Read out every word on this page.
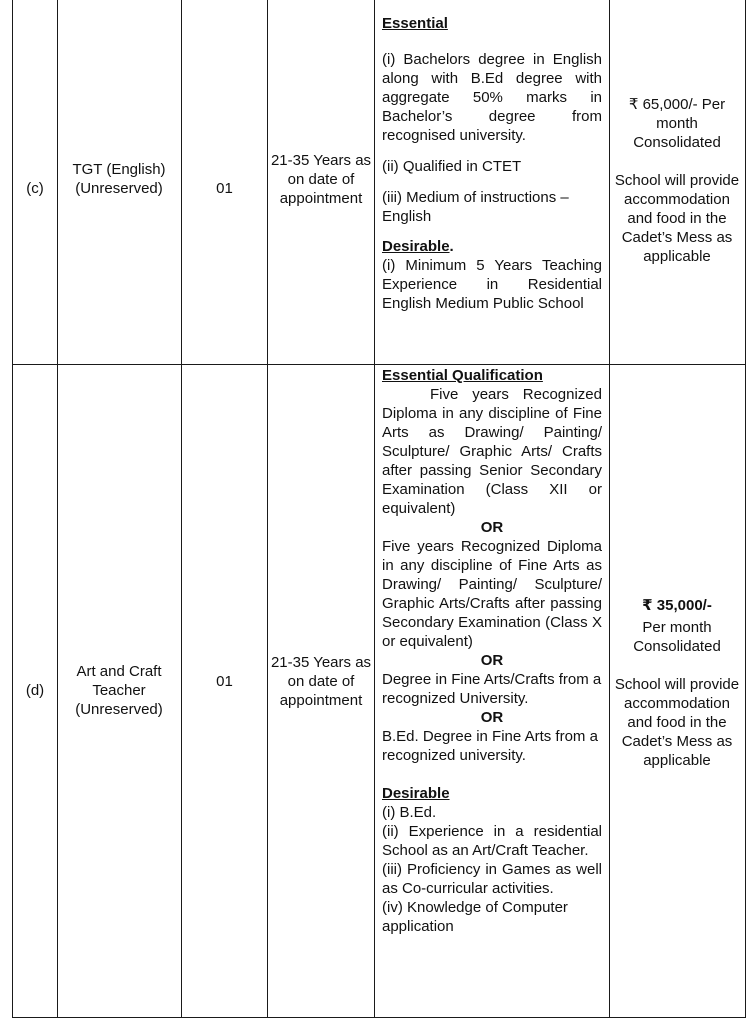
(c)
TGT (English) (Unreserved)	01
21-35 Years as on date of appointment

Essential

(i) Bachelors degree in English along with B.Ed degree with aggregate 50% marks in Bachelor’s degree from recognised university.

(ii) Qualified in CTET

(iii) Medium of instructions – English

Desirable.

(i) Minimum 5 Years Teaching Experience in Residential English Medium Public School

₹ 65,000/- Per month Consolidated
School will provide accommodation and food in the Cadet’s Mess as applicable
(d)
Art and Craft Teacher (Unreserved)
01
21-35 Years as on date of appointment

Essential Qualification

Five years Recognized Diploma in any discipline of Fine Arts as Drawing/ Painting/ Sculpture/ Graphic Arts/ Crafts after passing Senior Secondary Examination (Class XII or equivalent)

OR

Five years Recognized Diploma in any discipline of Fine Arts as Drawing/ Painting/ Sculpture/ Graphic Arts/Crafts after passing Secondary Examination (Class X or equivalent)

OR

Degree in Fine Arts/Crafts from a recognized University.

OR

B.Ed. Degree in Fine Arts from a recognized university.

Desirable

(i) B.Ed.

(ii) Experience in a residential School as an Art/Craft Teacher.

(iii) Proficiency in Games as well as Co-curricular activities.

(iv) Knowledge of Computer application

₹ 35,000/-
Per month Consolidated
School will provide accommodation and food in the Cadet’s Mess as applicable
